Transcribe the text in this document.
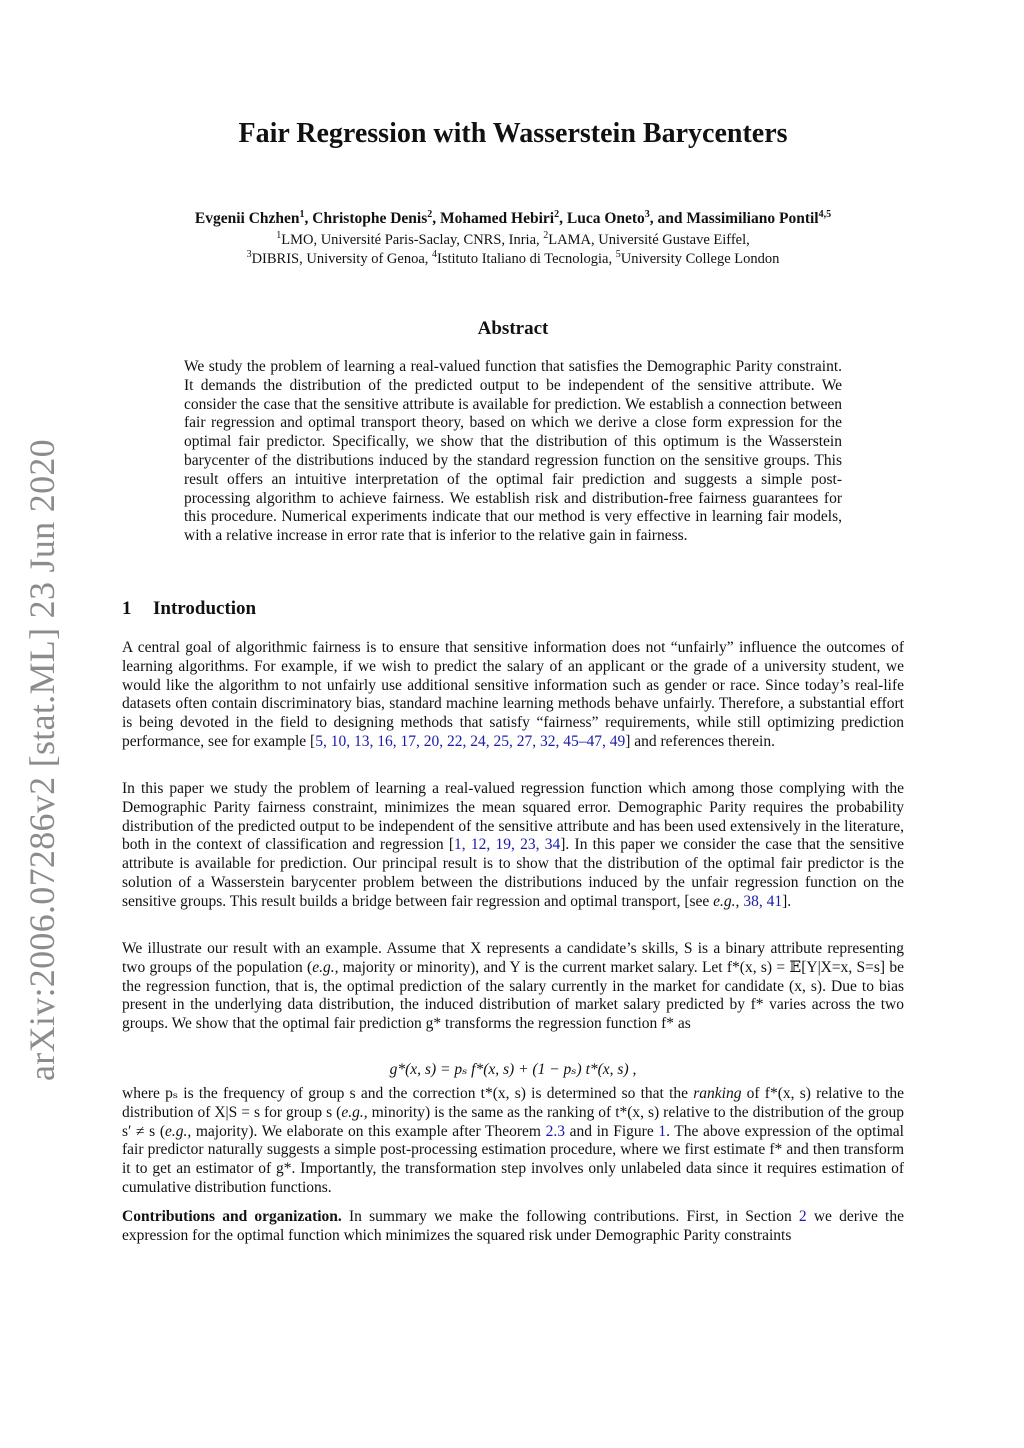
arXiv:2006.07286v2 [stat.ML] 23 Jun 2020
Fair Regression with Wasserstein Barycenters
Evgenii Chzhen$^1$, Christophe Denis$^2$, Mohamed Hebiri$^2$, Luca Oneto$^3$, and Massimiliano Pontil$^{4,5}$
$^1$LMO, Université Paris-Saclay, CNRS, Inria, $^2$LAMA, Université Gustave Eiffel,
$^3$DIBRIS, University of Genoa, $^4$Istituto Italiano di Tecnologia, $^5$University College London
Abstract

We study the problem of learning a real-valued function that satisfies the Demographic Parity constraint. It demands the distribution of the predicted output to be independent of the sensitive attribute. We consider the case that the sensitive attribute is available for prediction. We establish a connection between fair regression and optimal transport theory, based on which we derive a close form expression for the optimal fair predictor. Specifically, we show that the distribution of this optimum is the Wasserstein barycenter of the distributions induced by the standard regression function on the sensitive groups. This result offers an intuitive interpretation of the optimal fair prediction and suggests a simple post-processing algorithm to achieve fairness. We establish risk and distribution-free fairness guarantees for this procedure. Numerical experiments indicate that our method is very effective in learning fair models, with a relative increase in error rate that is inferior to the relative gain in fairness.

1 Introduction

A central goal of algorithmic fairness is to ensure that sensitive information does not “unfairly” influence the outcomes of learning algorithms. For example, if we wish to predict the salary of an applicant or the grade of a university student, we would like the algorithm to not unfairly use additional sensitive information such as gender or race. Since today’s real-life datasets often contain discriminatory bias, standard machine learning methods behave unfairly. Therefore, a substantial effort is being devoted in the field to designing methods that satisfy “fairness” requirements, while still optimizing prediction performance, see for example [5, 10, 13, 16, 17, 20, 22, 24, 25, 27, 32, 45–47, 49] and references therein.

In this paper we study the problem of learning a real-valued regression function which among those complying with the Demographic Parity fairness constraint, minimizes the mean squared error. Demographic Parity requires the probability distribution of the predicted output to be independent of the sensitive attribute and has been used extensively in the literature, both in the context of classification and regression [1, 12, 19, 23, 34]. In this paper we consider the case that the sensitive attribute is available for prediction. Our principal result is to show that the distribution of the optimal fair predictor is the solution of a Wasserstein barycenter problem between the distributions induced by the unfair regression function on the sensitive groups. This result builds a bridge between fair regression and optimal transport, [see e.g., 38, 41].

We illustrate our result with an example. Assume that X represents a candidate’s skills, S is a binary attribute representing two groups of the population (e.g., majority or minority), and Y is the current market salary. Let f*(x, s) = 𝔼[Y|X=x, S=s] be the regression function, that is, the optimal prediction of the salary currently in the market for candidate (x, s). Due to bias present in the underlying data distribution, the induced distribution of market salary predicted by f* varies across the two groups. We show that the optimal fair prediction g* transforms the regression function f* as

g*(x, s) = pₛ f*(x, s) + (1 − pₛ) t*(x, s) ,

where pₛ is the frequency of group s and the correction t*(x, s) is determined so that the ranking of f*(x, s) relative to the distribution of X|S = s for group s (e.g., minority) is the same as the ranking of t*(x, s) relative to the distribution of the group s′ ≠ s (e.g., majority). We elaborate on this example after Theorem 2.3 and in Figure 1. The above expression of the optimal fair predictor naturally suggests a simple post-processing estimation procedure, where we first estimate f* and then transform it to get an estimator of g*. Importantly, the transformation step involves only unlabeled data since it requires estimation of cumulative distribution functions.

Contributions and organization. In summary we make the following contributions. First, in Section 2 we derive the expression for the optimal function which minimizes the squared risk under Demographic Parity constraints
